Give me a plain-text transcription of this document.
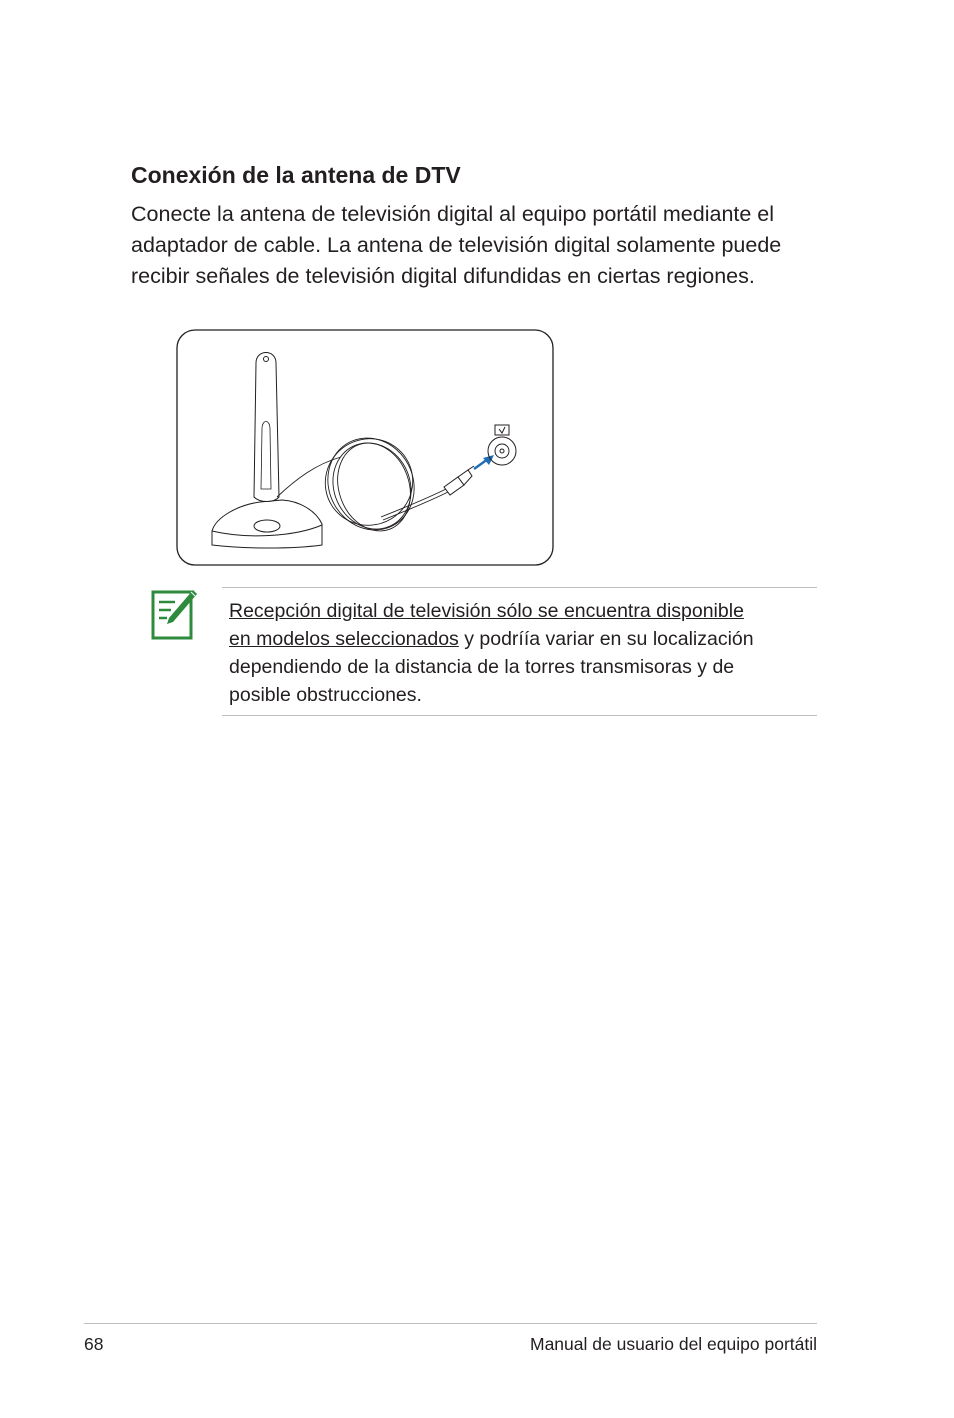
Conexión de la antena de DTV

Conecte la antena de televisión digital al equipo portátil mediante el
adaptador de cable. La antena de televisión digital solamente puede
recibir señales de televisión digital difundidas en ciertas regiones.

Recepción digital de televisión sólo se encuentra disponible
en modelos seleccionados y podríía variar en su localización
dependiendo de la distancia de la torres transmisoras y de
posible obstrucciones.

68	Manual de usuario del equipo portátil
